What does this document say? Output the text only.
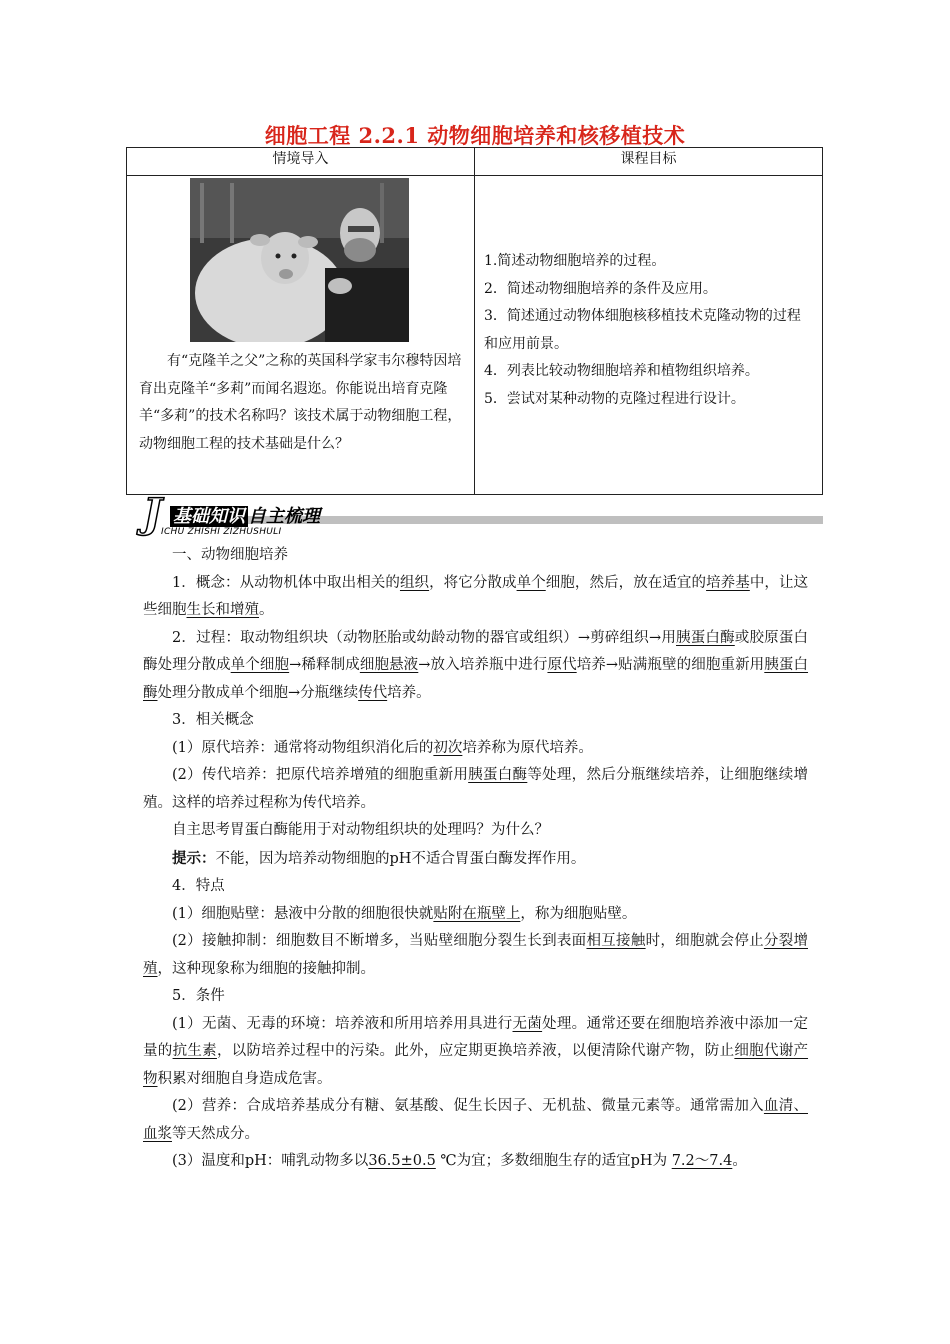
细胞工程 2.2.1 动物细胞培养和核移植技术
情境导入	课程目标

有“克隆羊之父”之称的英国科学家韦尔穆特因培育出克隆羊“多莉”而闻名遐迩。你能说出培育克隆羊“多莉”的技术名称吗？该技术属于动物细胞工程，动物细胞工程的技术基础是什么？	1.简述动物细胞培养的过程。

2．简述动物细胞培养的条件及应用。

3．简述通过动物体细胞核移植技术克隆动物的过程和应用前景。

4．列表比较动物细胞培养和植物组织培养。

5．尝试对某种动物的克隆过程进行设计。

J 基础知识 自主梳理
ICHU ZHISHI ZIZHUSHULI

一、动物细胞培养

1．概念：从动物机体中取出相关的组织，将它分散成单个细胞，然后，放在适宜的培养基中，让这些细胞生长和增殖。

2．过程：取动物组织块（动物胚胎或幼龄动物的器官或组织）→剪碎组织→用胰蛋白酶或胶原蛋白酶处理分散成单个细胞→稀释制成细胞悬液→放入培养瓶中进行原代培养→贴满瓶壁的细胞重新用胰蛋白酶处理分散成单个细胞→分瓶继续传代培养。

3．相关概念

(1）原代培养：通常将动物组织消化后的初次培养称为原代培养。

(2）传代培养：把原代培养增殖的细胞重新用胰蛋白酶等处理，然后分瓶继续培养，让细胞继续增殖。这样的培养过程称为传代培养。

自主思考胃蛋白酶能用于对动物组织块的处理吗？为什么？

提示：不能，因为培养动物细胞的pH不适合胃蛋白酶发挥作用。

4．特点

(1）细胞贴壁：悬液中分散的细胞很快就贴附在瓶壁上，称为细胞贴壁。

(2）接触抑制：细胞数目不断增多，当贴壁细胞分裂生长到表面相互接触时，细胞就会停止分裂增殖，这种现象称为细胞的接触抑制。

5．条件

(1）无菌、无毒的环境：培养液和所用培养用具进行无菌处理。通常还要在细胞培养液中添加一定量的抗生素，以防培养过程中的污染。此外，应定期更换培养液，以便清除代谢产物，防止细胞代谢产物积累对细胞自身造成危害。

(2）营养：合成培养基成分有糖、氨基酸、促生长因子、无机盐、微量元素等。通常需加入血清、血浆等天然成分。

(3）温度和pH：哺乳动物多以36.5±0.5 ℃为宜；多数细胞生存的适宜pH为 7.2～7.4。
